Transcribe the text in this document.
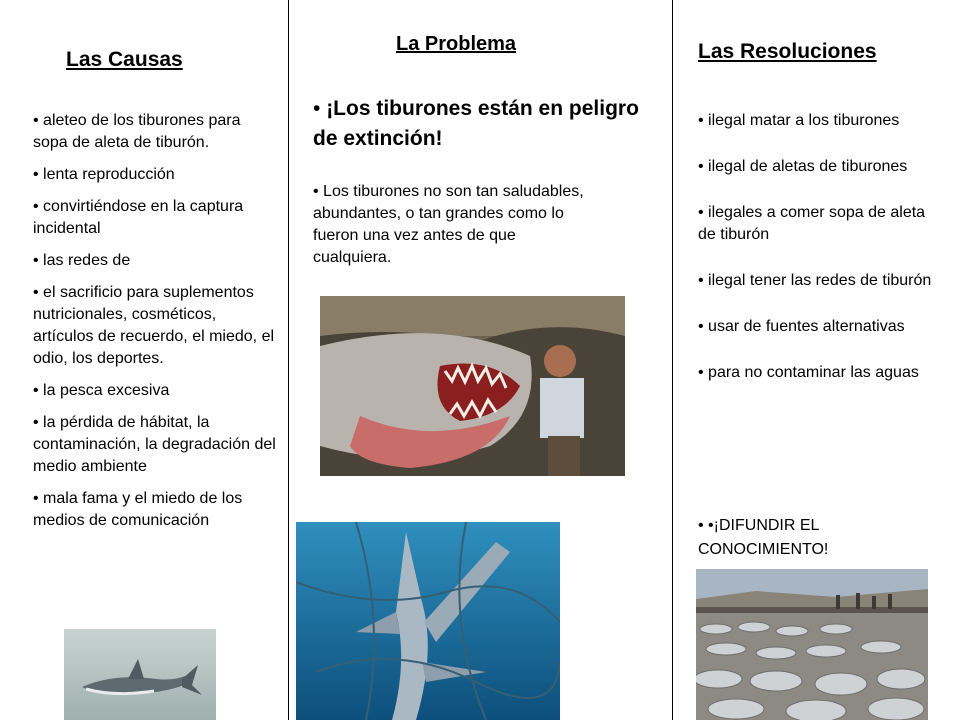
Las Causas
• aleteo de los tiburones para sopa de aleta de tiburón.
• lenta reproducción
• convirtiéndose en la captura incidental
• las redes de
• el sacrificio para suplementos nutricionales, cosméticos, artículos de recuerdo, el miedo, el odio, los deportes.
• la pesca excesiva
• la pérdida de hábitat, la contaminación, la degradación del medio ambiente
• mala fama y el miedo de los medios de comunicación
La Problema
• ¡Los tiburones están en peligro de extinción!
• Los tiburones no son tan saludables, abundantes, o tan grandes como lo fueron una vez antes de que cualquiera.
Las Resoluciones
• ilegal matar a los tiburones
• ilegal de aletas de tiburones
• ilegales a comer sopa de aleta de tiburón
• ilegal tener las redes de tiburón
• usar de fuentes alternativas
• para no contaminar las aguas
• •¡DIFUNDIR EL CONOCIMIENTO!
